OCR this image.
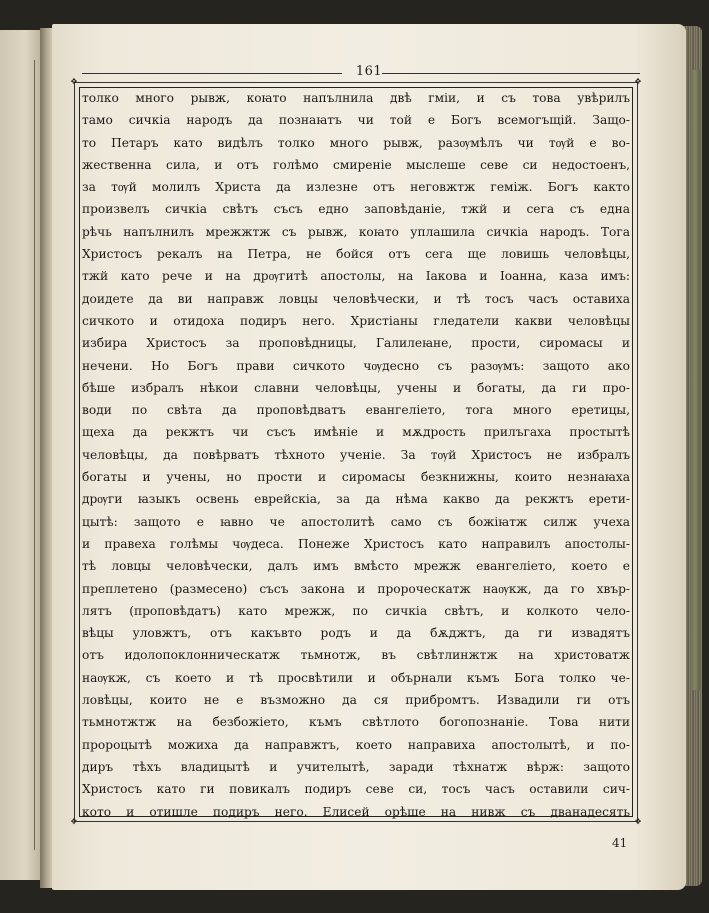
161
✥	✥
✥	✥
толко много рывж, коꙗто напълнила двѣ гмiи, и съ това увѣрилъ
тамо сичкiа народъ да познаꙗтъ чи той е Богъ всемогъщiй. Защо-
то Петаръ като видѣлъ толко много рывж, разѹмѣлъ чи тѹй е во-
жественна сила, и отъ голѣмо смиренiе мыслеше севе си недостоенъ,
за тѹй молилъ Христа да излезне отъ неговжтж гемiж. Богъ както
произвелъ сичкiа свѣтъ съсъ едно заповѣданiе, тжй и сега съ една
рѣчь напълнилъ мрежжтж съ рывж, коꙗто уплашила сичкiа народъ. Тога
Христосъ рекалъ на Петра, не бойся отъ сега ще ловишь человѣцы,
тжй като рече и на дрѹгитѣ апостолы, на Iакова и Iоанна, каза имъ:
доидете да ви направж ловцы человѣчески, и тѣ тосъ часъ оставиха
сичкото и отидоха подиръ него. Христiаны гледатели какви человѣцы
избира Христосъ за проповѣдницы, Галилеꙗне, прости, сиромасы и
нечени. Но Богъ прави сичкото чѹдесно съ разѹмъ: защото ако
бѣше избралъ нѣкои славни человѣцы, учены и богаты, да ги про-
води по свѣта да проповѣдватъ евангелiето, тога много еретицы,
щеха да рекжтъ чи съсъ имѣнiе и мѫдрость прилъгаха простытѣ
человѣцы, да повѣрватъ тѣхното ученiе. За тѹй Христосъ не избралъ
богаты и учены, но прости и сиромасы безкнижны, които незнаꙗха
дрѹги ꙗзыкъ освень еврейскiа, за да нѣма какво да рекжтъ ерети-
цытѣ: защото е ꙗвно че апостолитѣ само съ божiꙗтж силж учеха
и правеха голѣмы чѹдеса. Понеже Христосъ като направилъ апостолы-
тѣ ловцы человѣчески, далъ имъ вмѣсто мрежж евангелiето, което е
преплетено (размесено) съсъ закона и пророческатж наѹкж, да го хвър-
лятъ (проповѣдатъ) като мрежж, по сичкiа свѣтъ, и колкото чело-
вѣцы уловжтъ, отъ какъвто родъ и да бѫджтъ, да ги извадятъ
отъ идолопоклонническатж тьмнотж, въ свѣтлинжтж на христоватж
наѹкж, съ което и тѣ просвѣтили и обърнали къмъ Бога толко че-
ловѣцы, които не е възможно да ся прибромтъ. Извадили ги отъ
тьмнотжтж на безбожiето, къмъ свѣтлото богопознанiе. Това нити
пророцытѣ можиха да направжтъ, което направиха апостолытѣ, и по-
диръ тѣхъ владицытѣ и учителытѣ, заради тѣхнатж вѣрж: защото
Христосъ като ги повикалъ подиръ севе си, тосъ часъ оставили сич-
кото и отишле подиръ него. Елисей орѣше на нивж съ дванадесять
41
